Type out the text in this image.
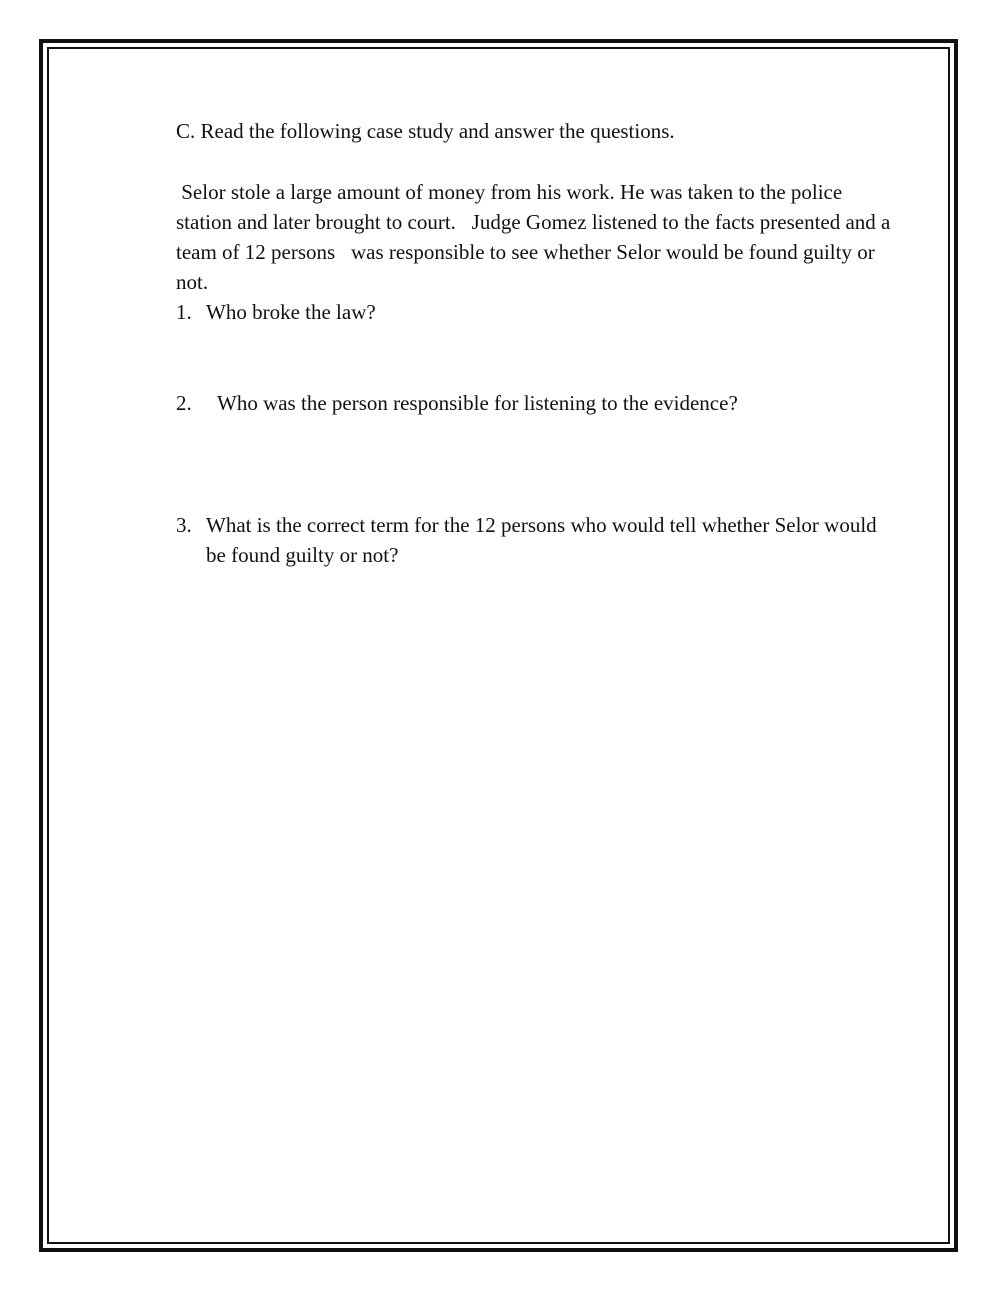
C. Read the following case study and answer the questions.

Selor stole a large amount of money from his work. He was taken to the police station and later brought to court.   Judge Gomez listened to the facts presented and a team of 12 persons   was responsible to see whether Selor would be found guilty or not.

1. Who broke the law?
2.	Who was the person responsible for listening to the evidence?
3. What is the correct term for the 12 persons who would tell whether Selor would be found guilty or not?
